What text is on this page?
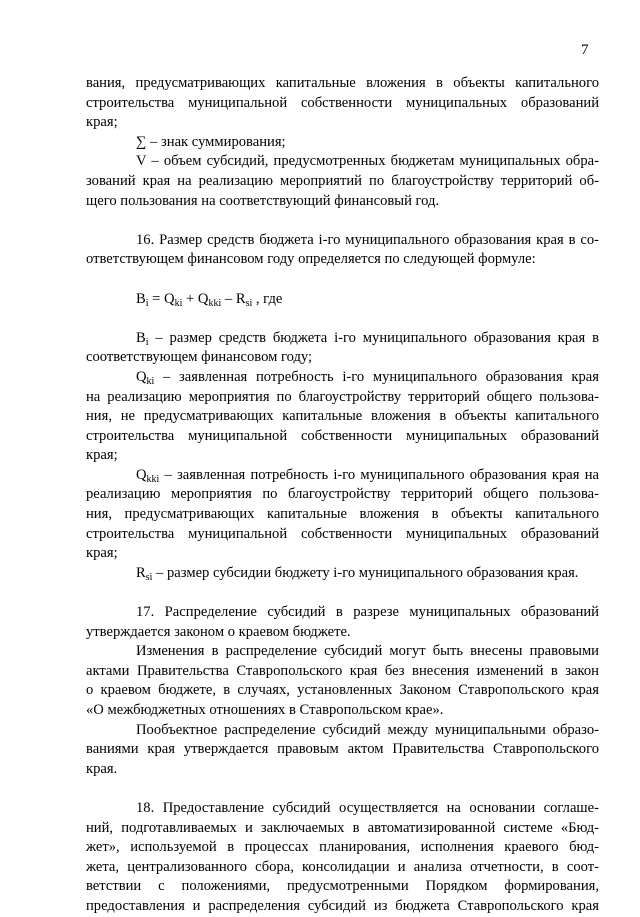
7
вания, предусматривающих капитальные вложения в объекты капитального
строительства муниципальной собственности муниципальных образований
края;
∑ – знак суммирования;
V – объем субсидий, предусмотренных бюджетам муниципальных обра-
зований края на реализацию мероприятий по благоустройству территорий об-
щего пользования на соответствующий финансовый год.
16. Размер средств бюджета i-го муниципального образования края в со-
ответствующем финансовом году определяется по следующей формуле:
$B_i = Q_{ki} + Q_{kki} - R_{si}$ , где
$B_i$ – размер средств бюджета i-го муниципального образования края в
соответствующем финансовом году;
$Q_{ki}$ – заявленная потребность i-го муниципального образования края
на реализацию мероприятия по благоустройству территорий общего пользова-
ния, не предусматривающих капитальные вложения в объекты капитального
строительства муниципальной собственности муниципальных образований
края;
$Q_{kki}$ – заявленная потребность i-го муниципального образования края на
реализацию мероприятия по благоустройству территорий общего пользова-
ния, предусматривающих капитальные вложения в объекты капитального
строительства муниципальной собственности муниципальных образований
края;
$R_{si}$ – размер субсидии бюджету i-го муниципального образования края.
17. Распределение субсидий в разрезе муниципальных образований
утверждается законом о краевом бюджете.
Изменения в распределение субсидий могут быть внесены правовыми
актами Правительства Ставропольского края без внесения изменений в закон
о краевом бюджете, в случаях, установленных Законом Ставропольского края
«О межбюджетных отношениях в Ставропольском крае».
Пообъектное распределение субсидий между муниципальными образо-
ваниями края утверждается правовым актом Правительства Ставропольского
края.
18. Предоставление субсидий осуществляется на основании соглаше-
ний, подготавливаемых и заключаемых в автоматизированной системе «Бюд-
жет», используемой в процессах планирования, исполнения краевого бюд-
жета, централизованного сбора, консолидации и анализа отчетности, в соот-
ветствии с положениями, предусмотренными Порядком формирования,
предоставления и распределения субсидий из бюджета Ставропольского края
